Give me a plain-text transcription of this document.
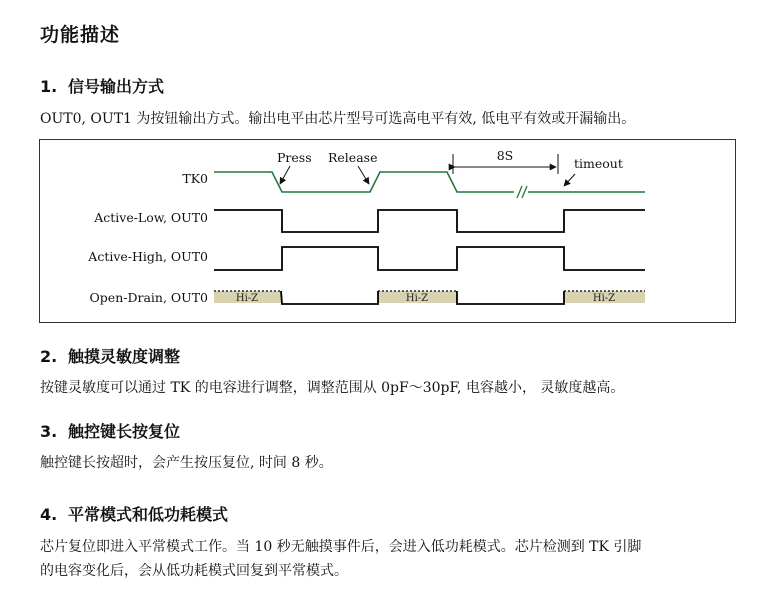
功能描述
1. 信号输出方式
OUT0, OUT1 为按钮输出方式。输出电平由芯片型号可选高电平有效, 低电平有效或开漏输出。
TK0
Active-Low, OUT0
Active-High, OUT0
Open-Drain, OUT0
Press Release	8S
timeout
Hi-Z	Hi-Z	Hi-Z
2. 触摸灵敏度调整
按键灵敏度可以通过 TK 的电容进行调整，调整范围从 0pF～30pF, 电容越小， 灵敏度越高。
3. 触控键长按复位
触控键长按超时，会产生按压复位, 时间 8 秒。
4. 平常模式和低功耗模式
芯片复位即进入平常模式工作。当 10 秒无触摸事件后，会进入低功耗模式。芯片检测到 TK 引脚
的电容变化后，会从低功耗模式回复到平常模式。
